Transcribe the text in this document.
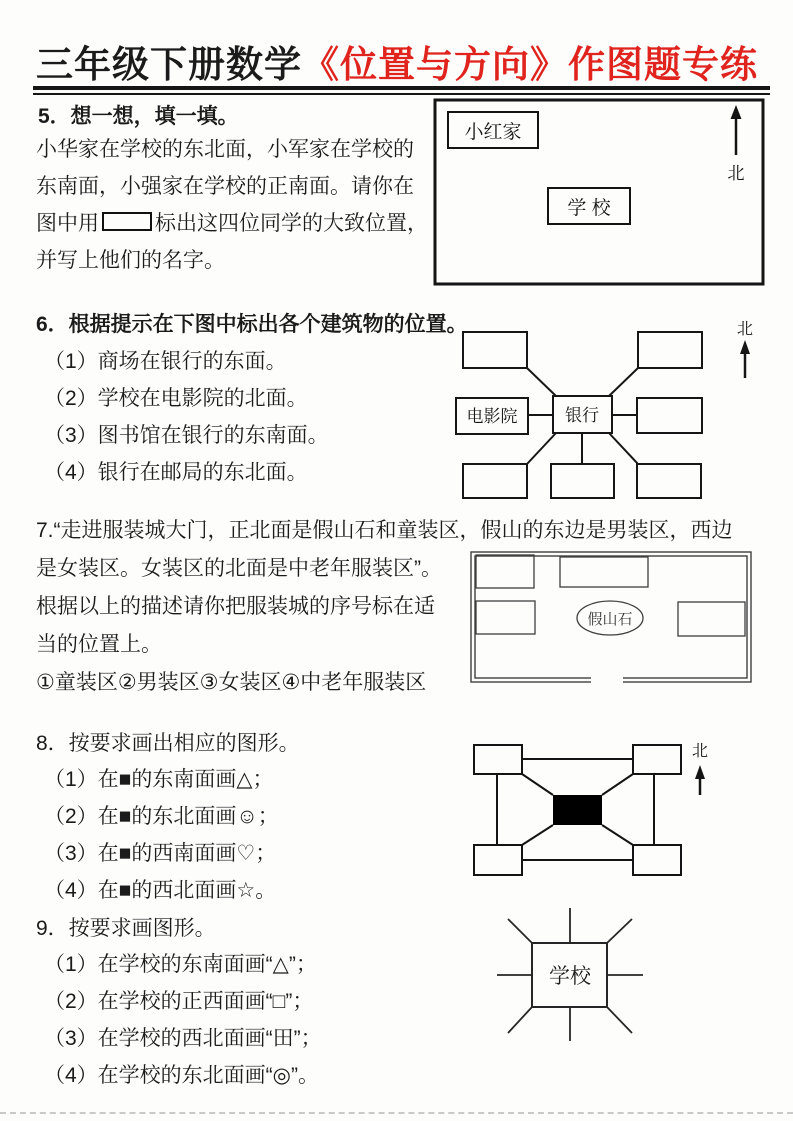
三年级下册数学《位置与方向》作图题专练
5．想一想，填一填。
小华家在学校的东北面，小军家在学校的
东南面，小强家在学校的正南面。请你在
图中用	标出这四位同学的大致位置，
并写上他们的名字。
小红家
学 校
北
6．根据提示在下图中标出各个建筑物的位置。
（1）商场在银行的东面。
（2）学校在电影院的北面。
（3）图书馆在银行的东南面。
（4）银行在邮局的东北面。
电影院	银行
北
7.“走进服装城大门，正北面是假山石和童装区，假山的东边是男装区，西边
是女装区。女装区的北面是中老年服装区”。
根据以上的描述请你把服装城的序号标在适
当的位置上。
①童装区②男装区③女装区④中老年服装区
假山石
8．按要求画出相应的图形。
（1）在■的东南面画△；
（2）在■的东北面画☺；
（3）在■的西南面画♡；
（4）在■的西北面画☆。
北
9．按要求画图形。
（1）在学校的东南面画“△”；
（2）在学校的正西面画“□”；
（3）在学校的西北面画“田”；
（4）在学校的东北面画“◎”。
学校
